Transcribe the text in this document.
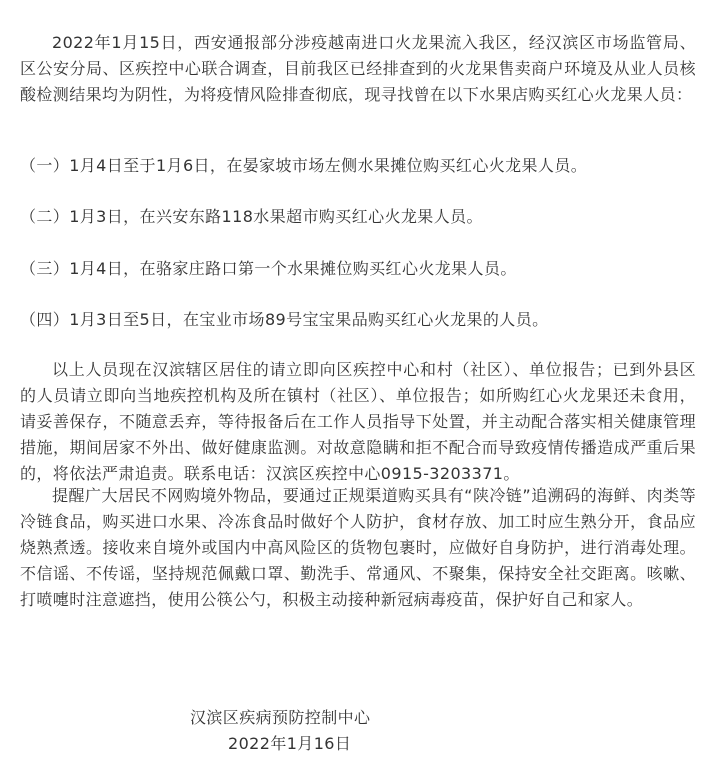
2022年1月15日，西安通报部分涉疫越南进口火龙果流入我区，经汉滨区市场监管局、区公安分局、区疾控中心联合调查，目前我区已经排查到的火龙果售卖商户环境及从业人员核酸检测结果均为阴性，为将疫情风险排查彻底，现寻找曾在以下水果店购买红心火龙果人员：

（一）1月4日至于1月6日，在晏家坡市场左侧水果摊位购买红心火龙果人员。

（二）1月3日，在兴安东路118水果超市购买红心火龙果人员。

（三）1月4日，在骆家庄路口第一个水果摊位购买红心火龙果人员。

（四）1月3日至5日，在宝业市场89号宝宝果品购买红心火龙果的人员。

以上人员现在汉滨辖区居住的请立即向区疾控中心和村（社区）、单位报告；已到外县区的人员请立即向当地疾控机构及所在镇村（社区）、单位报告；如所购红心火龙果还未食用，请妥善保存，不随意丢弃，等待报备后在工作人员指导下处置，并主动配合落实相关健康管理措施，期间居家不外出、做好健康监测。对故意隐瞒和拒不配合而导致疫情传播造成严重后果的，将依法严肃追责。联系电话：汉滨区疾控中心0915-3203371。

提醒广大居民不网购境外物品，要通过正规渠道购买具有“陕冷链”追溯码的海鲜、肉类等冷链食品，购买进口水果、冷冻食品时做好个人防护，食材存放、加工时应生熟分开，食品应烧熟煮透。接收来自境外或国内中高风险区的货物包裹时，应做好自身防护，进行消毒处理。不信谣、不传谣，坚持规范佩戴口罩、勤洗手、常通风、不聚集，保持安全社交距离。咳嗽、打喷嚏时注意遮挡，使用公筷公勺，积极主动接种新冠病毒疫苗，保护好自己和家人。

汉滨区疾病预防控制中心

2022年1月16日
